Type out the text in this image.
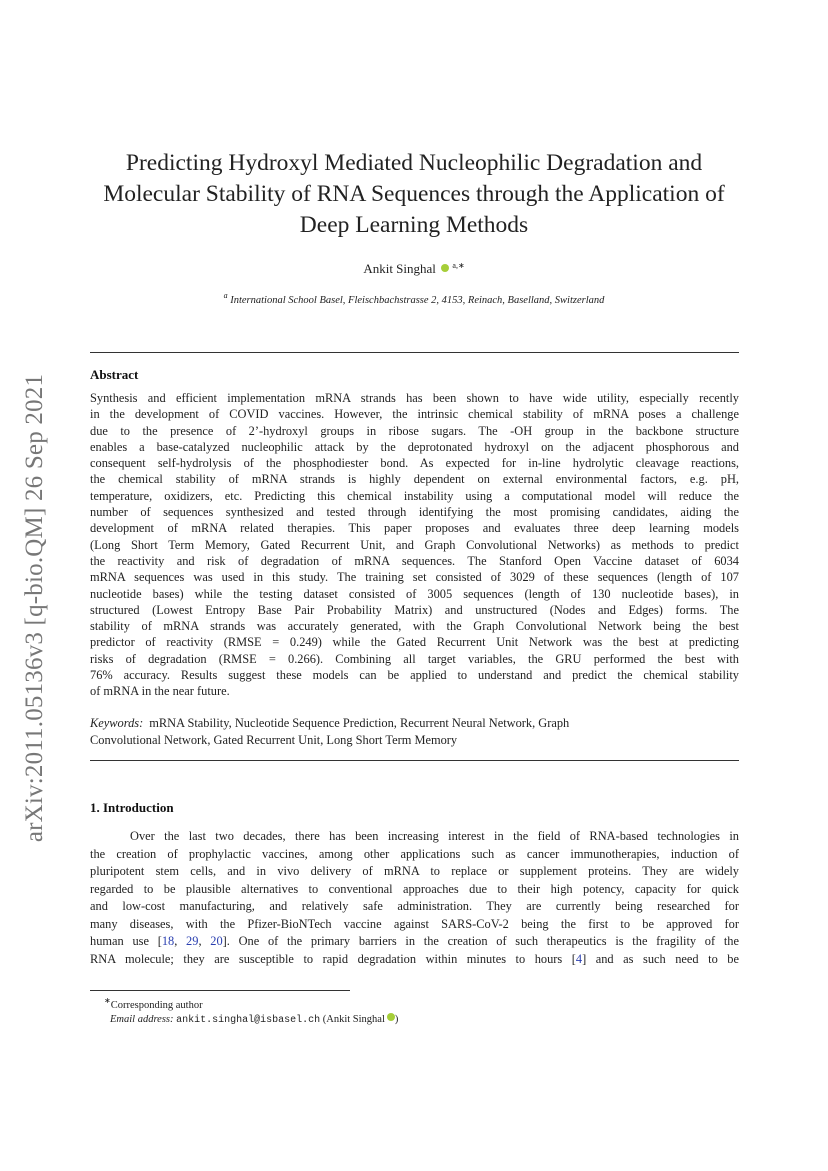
arXiv:2011.05136v3 [q-bio.QM] 26 Sep 2021
Predicting Hydroxyl Mediated Nucleophilic Degradation and
Molecular Stability of RNA Sequences through the Application of
Deep Learning Methods
Ankit Singhal $^{a,∗}$
$^a$ International School Basel, Fleischbachstrasse 2, 4153, Reinach, Baselland, Switzerland
Abstract
Synthesis and efficient implementation mRNA strands has been shown to have wide utility, especially recently
in the development of COVID vaccines. However, the intrinsic chemical stability of mRNA poses a challenge
due to the presence of 2’-hydroxyl groups in ribose sugars. The -OH group in the backbone structure
enables a base-catalyzed nucleophilic attack by the deprotonated hydroxyl on the adjacent phosphorous and
consequent self-hydrolysis of the phosphodiester bond. As expected for in-line hydrolytic cleavage reactions,
the chemical stability of mRNA strands is highly dependent on external environmental factors, e.g. pH,
temperature, oxidizers, etc. Predicting this chemical instability using a computational model will reduce the
number of sequences synthesized and tested through identifying the most promising candidates, aiding the
development of mRNA related therapies. This paper proposes and evaluates three deep learning models
(Long Short Term Memory, Gated Recurrent Unit, and Graph Convolutional Networks) as methods to predict
the reactivity and risk of degradation of mRNA sequences. The Stanford Open Vaccine dataset of 6034
mRNA sequences was used in this study. The training set consisted of 3029 of these sequences (length of 107
nucleotide bases) while the testing dataset consisted of 3005 sequences (length of 130 nucleotide bases), in
structured (Lowest Entropy Base Pair Probability Matrix) and unstructured (Nodes and Edges) forms. The
stability of mRNA strands was accurately generated, with the Graph Convolutional Network being the best
predictor of reactivity (RMSE = 0.249) while the Gated Recurrent Unit Network was the best at predicting
risks of degradation (RMSE = 0.266). Combining all target variables, the GRU performed the best with
76% accuracy. Results suggest these models can be applied to understand and predict the chemical stability
of mRNA in the near future.
Keywords: mRNA Stability, Nucleotide Sequence Prediction, Recurrent Neural Network, Graph
Convolutional Network, Gated Recurrent Unit, Long Short Term Memory
1. Introduction
Over the last two decades, there has been increasing interest in the field of RNA-based technologies in
the creation of prophylactic vaccines, among other applications such as cancer immunotherapies, induction of
pluripotent stem cells, and in vivo delivery of mRNA to replace or supplement proteins. They are widely
regarded to be plausible alternatives to conventional approaches due to their high potency, capacity for quick
and low-cost manufacturing, and relatively safe administration. They are currently being researched for
many diseases, with the Pfizer-BioNTech vaccine against SARS-CoV-2 being the first to be approved for
human use [18, 29, 20]. One of the primary barriers in the creation of such therapeutics is the fragility of the
RNA molecule; they are susceptible to rapid degradation within minutes to hours [4] and as such need to be
∗Corresponding author
Email address: ankit.singhal@isbasel.ch (Ankit Singhal )
